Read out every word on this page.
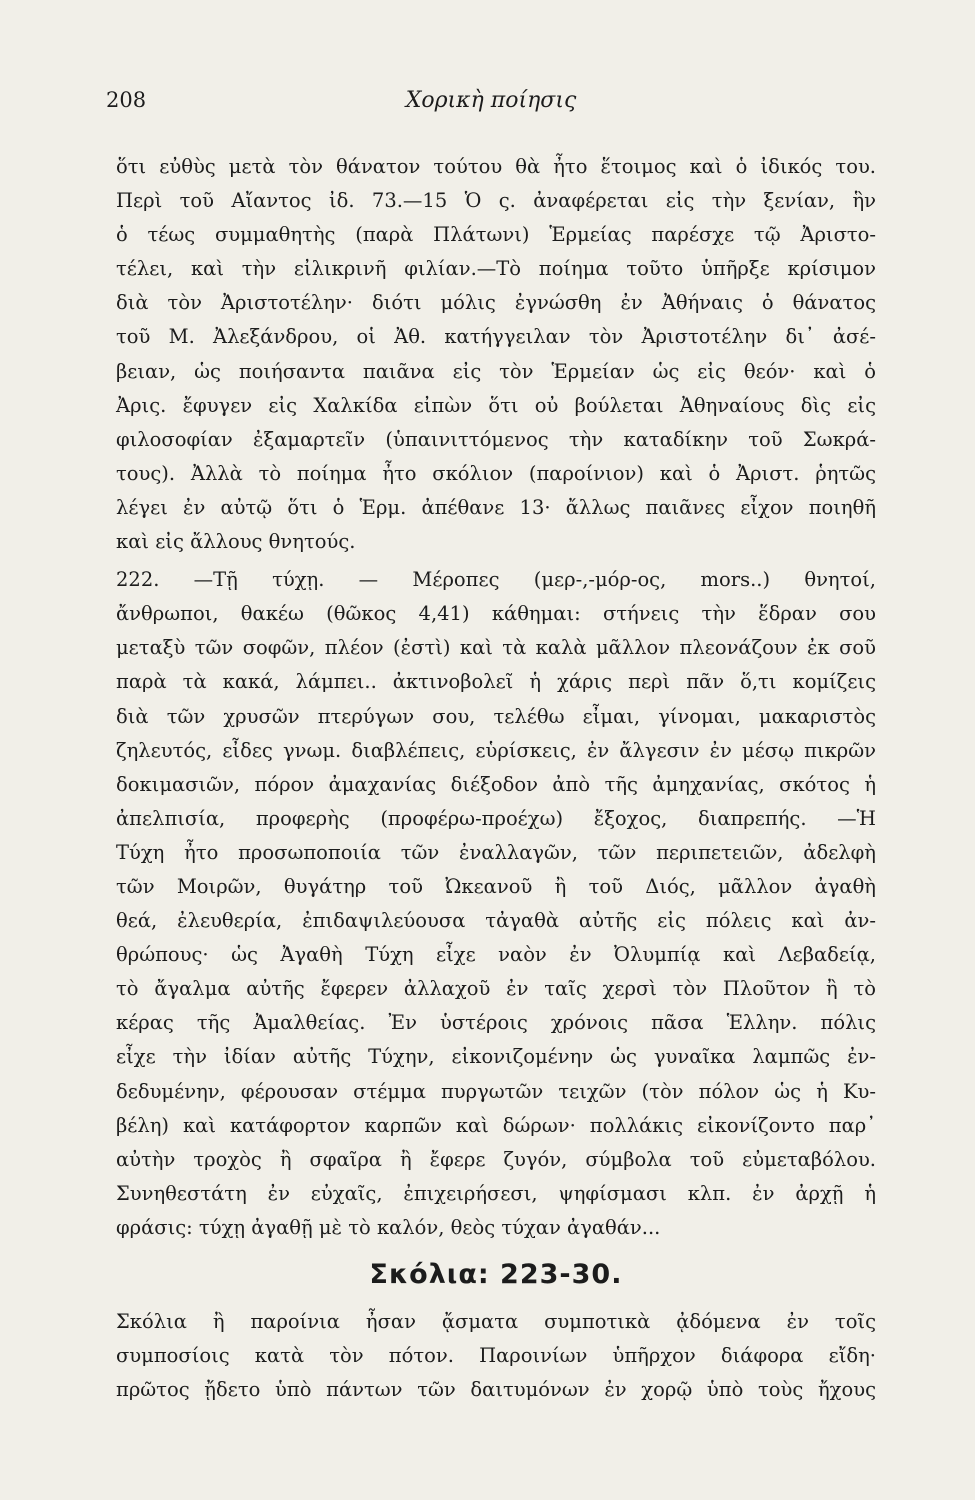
208	Χορικὴ ποίησις
ὅτι εὐθὺς μετὰ τὸν θάνατον τούτου θὰ ἦτο ἕτοιμος καὶ ὁ ἰδικός του.
Περὶ τοῦ Αἴαντος ἰδ. 73.—15 Ὁ ς. ἀναφέρεται εἰς τὴν ξενίαν, ἣν
ὁ τέως συμμαθητὴς (παρὰ Πλάτωνι) Ἑρμείας παρέσχε τῷ Ἀριστο-
τέλει, καὶ τὴν εἰλικρινῆ φιλίαν.—Τὸ ποίημα τοῦτο ὑπῆρξε κρίσιμον
διὰ τὸν Ἀριστοτέλην· διότι μόλις ἐγνώσθη ἐν Ἀθήναις ὁ θάνατος
τοῦ Μ. Ἀλεξάνδρου, οἱ Ἀθ. κατήγγειλαν τὸν Ἀριστοτέλην δι᾽ ἀσέ-
βειαν, ὡς ποιήσαντα παιᾶνα εἰς τὸν Ἑρμείαν ὡς εἰς θεόν· καὶ ὁ
Ἀρις. ἔφυγεν εἰς Χαλκίδα εἰπὼν ὅτι οὐ βούλεται Ἀθηναίους δὶς εἰς
φιλοσοφίαν ἐξαμαρτεῖν (ὑπαινιττόμενος τὴν καταδίκην τοῦ Σωκρά-
τους). Ἀλλὰ τὸ ποίημα ἦτο σκόλιον (παροίνιον) καὶ ὁ Ἀριστ. ῥητῶς
λέγει ἐν αὐτῷ ὅτι ὁ Ἑρμ. ἀπέθανε 13· ἄλλως παιᾶνες εἶχον ποιηθῆ
καὶ εἰς ἄλλους θνητούς.
222. —Τῇ τύχῃ. — Μέροπες (μερ-,-μόρ-ος, mors..) θνητοί,
ἄνθρωποι, θακέω (θῶκος 4,41) κάθημαι: στήνεις τὴν ἕδραν σου
μεταξὺ τῶν σοφῶν, πλέον (ἐστὶ) καὶ τὰ καλὰ μᾶλλον πλεονάζουν ἐκ σοῦ
παρὰ τὰ κακά, λάμπει.. ἀκτινοβολεῖ ἡ χάρις περὶ πᾶν ὅ,τι κομίζεις
διὰ τῶν χρυσῶν πτερύγων σου, τελέθω εἶμαι, γίνομαι, μακαριστὸς
ζηλευτός, εἶδες γνωμ. διαβλέπεις, εὑρίσκεις, ἐν ἄλγεσιν ἐν μέσῳ πικρῶν
δοκιμασιῶν, πόρον ἀμαχανίας διέξοδον ἀπὸ τῆς ἀμηχανίας, σκότος ἡ
ἀπελπισία, προφερὴς (προφέρω-προέχω) ἔξοχος, διαπρεπής. —Ἡ
Τύχη ἦτο προσωποποιία τῶν ἐναλλαγῶν, τῶν περιπετειῶν, ἀδελφὴ
τῶν Μοιρῶν, θυγάτηρ τοῦ Ὠκεανοῦ ἢ τοῦ Διός, μᾶλλον ἀγαθὴ
θεά, ἐλευθερία, ἐπιδαψιλεύουσα τἀγαθὰ αὐτῆς εἰς πόλεις καὶ ἀν-
θρώπους· ὡς Ἀγαθὴ Τύχη εἶχε ναὸν ἐν Ὀλυμπίᾳ καὶ Λεβαδείᾳ,
τὸ ἄγαλμα αὐτῆς ἔφερεν ἀλλαχοῦ ἐν ταῖς χερσὶ τὸν Πλοῦτον ἢ τὸ
κέρας τῆς Ἀμαλθείας. Ἐν ὑστέροις χρόνοις πᾶσα Ἑλλην. πόλις
εἶχε τὴν ἰδίαν αὐτῆς Τύχην, εἰκονιζομένην ὡς γυναῖκα λαμπῶς ἐν-
δεδυμένην, φέρουσαν στέμμα πυργωτῶν τειχῶν (τὸν πόλον ὡς ἡ Κυ-
βέλη) καὶ κατάφορτον καρπῶν καὶ δώρων· πολλάκις εἰκονίζοντο παρ᾽
αὐτὴν τροχὸς ἢ σφαῖρα ἢ ἔφερε ζυγόν, σύμβολα τοῦ εὐμεταβόλου.
Συνηθεστάτη ἐν εὐχαῖς, ἐπιχειρήσεσι, ψηφίσμασι κλπ. ἐν ἀρχῇ ἡ
φράσις: τύχῃ ἀγαθῇ μὲ τὸ καλόν, θεὸς τύχαν ἀγαθάν...
Σκόλια: 223-30.
Σκόλια ἢ παροίνια ἦσαν ᾄσματα συμποτικὰ ᾀδόμενα ἐν τοῖς
συμποσίοις κατὰ τὸν πότον. Παροινίων ὑπῆρχον διάφορα εἴδη·
πρῶτος ᾔδετο ὑπὸ πάντων τῶν δαιτυμόνων ἐν χορῷ ὑπὸ τοὺς ἤχους
